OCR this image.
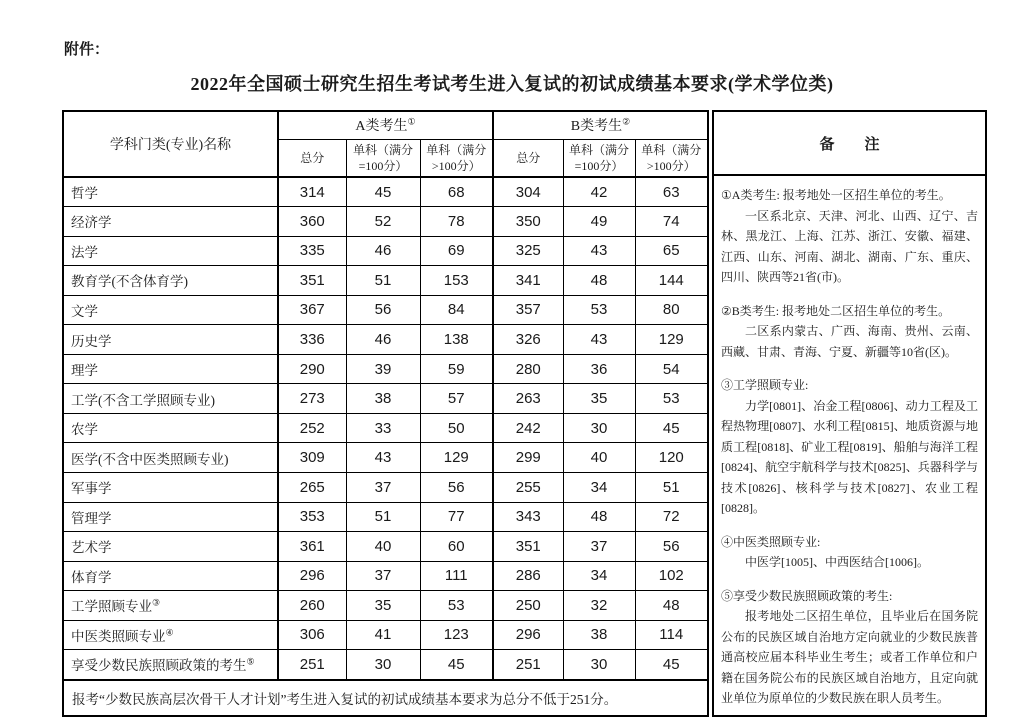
附件：
2022年全国硕士研究生招生考试考生进入复试的初试成绩基本要求(学术学位类)
学科门类(专业)名称	A类考生①			B类考生②
	总分	单科（满分
=100分）	单科（满分
>100分）	总分	单科（满分
=100分）	单科（满分
>100分）
哲学	314	45	68	304	42	63
经济学	360	52	78	350	49	74
法学	335	46	69	325	43	65
教育学(不含体育学)	351	51	153	341	48	144
文学	367	56	84	357	53	80
历史学	336	46	138	326	43	129
理学	290	39	59	280	36	54
工学(不含工学照顾专业)	273	38	57	263	35	53
农学	252	33	50	242	30	45
医学(不含中医类照顾专业)	309	43	129	299	40	120
军事学	265	37	56	255	34	51
管理学	353	51	77	343	48	72
艺术学	361	40	60	351	37	56
体育学	296	37	111	286	34	102
工学照顾专业③	260	35	53	250	32	48
中医类照顾专业④	306	41	123	296	38	114
享受少数民族照顾政策的考生⑤	251	30	45	251	30	45
报考“少数民族高层次骨干人才计划”考生进入复试的初试成绩基本要求为总分不低于251分。						
备　　注

①A类考生: 报考地处一区招生单位的考生。

一区系北京、天津、河北、山西、辽宁、吉林、黑龙江、上海、江苏、浙江、安徽、福建、江西、山东、河南、湖北、湖南、广东、重庆、四川、陕西等21省(市)。

②B类考生: 报考地处二区招生单位的考生。

二区系内蒙古、广西、海南、贵州、云南、西藏、甘肃、青海、宁夏、新疆等10省(区)。

③工学照顾专业:

力学[0801]、冶金工程[0806]、动力工程及工程热物理[0807]、水利工程[0815]、地质资源与地质工程[0818]、矿业工程[0819]、船舶与海洋工程[0824]、航空宇航科学与技术[0825]、兵器科学与技术[0826]、核科学与技术[0827]、农业工程[0828]。

④中医类照顾专业:

中医学[1005]、中西医结合[1006]。

⑤享受少数民族照顾政策的考生:

报考地处二区招生单位，且毕业后在国务院公布的民族区域自治地方定向就业的少数民族普通高校应届本科毕业生考生；或者工作单位和户籍在国务院公布的民族区域自治地方，且定向就业单位为原单位的少数民族在职人员考生。
